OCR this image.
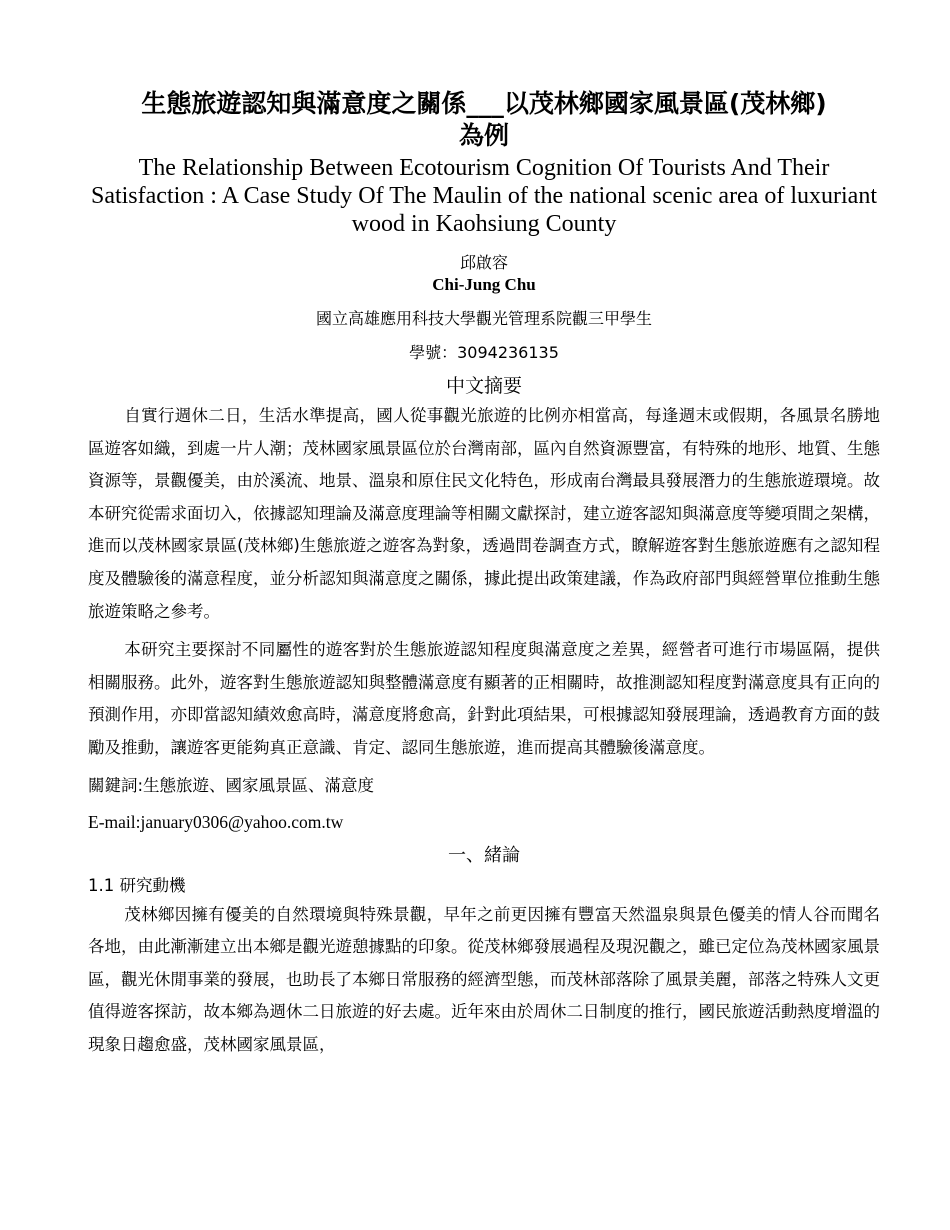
生態旅遊認知與滿意度之關係___以茂林鄉國家風景區(茂林鄉)
為例
The Relationship Between Ecotourism Cognition Of Tourists And Their Satisfaction : A Case Study Of The Maulin of the national scenic area of luxuriant wood in Kaohsiung County
邱啟容
Chi-Jung Chu
國立高雄應用科技大學觀光管理系院觀三甲學生
學號：3094236135
中文摘要

自實行週休二日，生活水準提高，國人從事觀光旅遊的比例亦相當高，每逢週末或假期，各風景名勝地區遊客如織，到處一片人潮；茂林國家風景區位於台灣南部，區內自然資源豐富，有特殊的地形、地質、生態資源等，景觀優美，由於溪流、地景、溫泉和原住民文化特色，形成南台灣最具發展潛力的生態旅遊環境。故本研究從需求面切入，依據認知理論及滿意度理論等相關文獻探討，建立遊客認知與滿意度等變項間之架構，進而以茂林國家景區(茂林鄉)生態旅遊之遊客為對象，透過問卷調查方式，瞭解遊客對生態旅遊應有之認知程度及體驗後的滿意程度，並分析認知與滿意度之關係，據此提出政策建議，作為政府部門與經營單位推動生態旅遊策略之參考。

本研究主要探討不同屬性的遊客對於生態旅遊認知程度與滿意度之差異，經營者可進行市場區隔，提供相關服務。此外，遊客對生態旅遊認知與整體滿意度有顯著的正相關時，故推測認知程度對滿意度具有正向的預測作用，亦即當認知績效愈高時，滿意度將愈高，針對此項結果，可根據認知發展理論，透過教育方面的鼓勵及推動，讓遊客更能夠真正意識、肯定、認同生態旅遊，進而提高其體驗後滿意度。

關鍵詞:生態旅遊、國家風景區、滿意度
E-mail:january0306@yahoo.com.tw
一、緒論
1.1 研究動機

茂林鄉因擁有優美的自然環境與特殊景觀，早年之前更因擁有豐富天然溫泉與景色優美的情人谷而聞名各地，由此漸漸建立出本鄉是觀光遊憩據點的印象。從茂林鄉發展過程及現況觀之，雖已定位為茂林國家風景區，觀光休閒事業的發展，也助長了本鄉日常服務的經濟型態，而茂林部落除了風景美麗，部落之特殊人文更值得遊客探訪，故本鄉為週休二日旅遊的好去處。近年來由於周休二日制度的推行，國民旅遊活動熱度增溫的現象日趨愈盛，茂林國家風景區，
